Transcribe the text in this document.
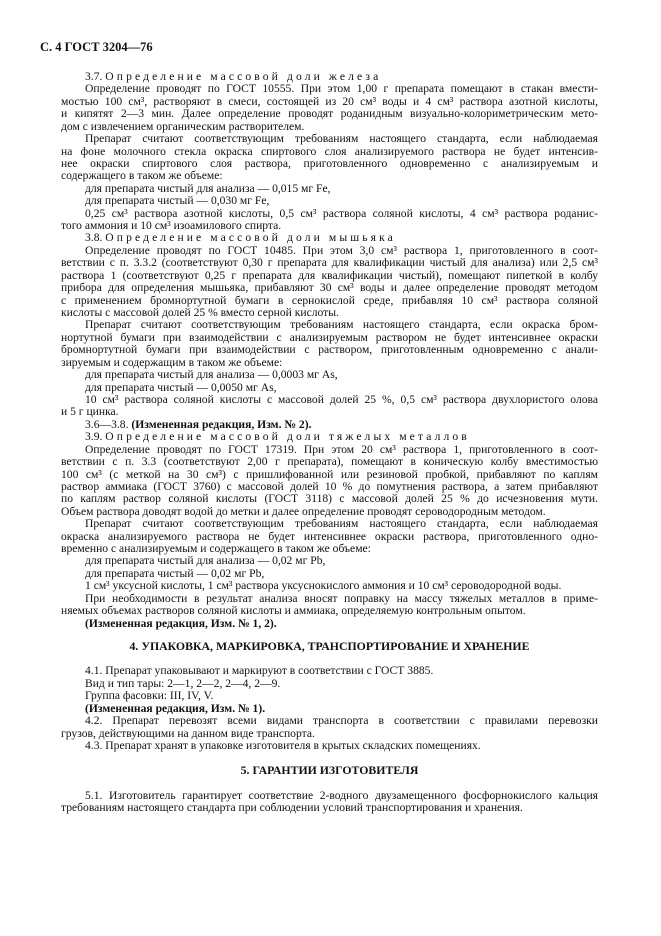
С. 4 ГОСТ 3204—76
3.7. Определение массовой доли железа
Определение проводят по ГОСТ 10555. При этом 1,00 г препарата помещают в стакан вмести-
мостью 100 см³, растворяют в смеси, состоящей из 20 см³ воды и 4 см³ раствора азотной кислоты,
и кипятят 2—3 мин. Далее определение проводят роданидным визуально-колориметрическим мето-
дом с извлечением органическим растворителем.
Препарат считают соответствующим требованиям настоящего стандарта, если наблюдаемая
на фоне молочного стекла окраска спиртового слоя анализируемого раствора не будет интенсив-
нее окраски спиртового слоя раствора, приготовленного одновременно с анализируемым и
содержащего в таком же объеме:
для препарата чистый для анализа — 0,015 мг Fe,
для препарата чистый — 0,030 мг Fe,
0,25 см³ раствора азотной кислоты, 0,5 см³ раствора соляной кислоты, 4 см³ раствора роданис-
того аммония и 10 см³ изоамилового спирта.
3.8. Определение массовой доли мышьяка
Определение проводят по ГОСТ 10485. При этом 3,0 см³ раствора 1, приготовленного в соот-
ветствии с п. 3.3.2 (соответствуют 0,30 г препарата для квалификации чистый для анализа) или 2,5 см³
раствора 1 (соответствуют 0,25 г препарата для квалификации чистый), помещают пипеткой в колбу
прибора для определения мышьяка, прибавляют 30 см³ воды и далее определение проводят методом
с применением бромнортутной бумаги в сернокислой среде, прибавляя 10 см³ раствора соляной
кислоты с массовой долей 25 % вместо серной кислоты.
Препарат считают соответствующим требованиям настоящего стандарта, если окраска бром-
нортутной бумаги при взаимодействии с анализируемым раствором не будет интенсивнее окраски
бромнортутной бумаги при взаимодействии с раствором, приготовленным одновременно с анали-
зируемым и содержащим в таком же объеме:
для препарата чистый для анализа — 0,0003 мг As,
для препарата чистый — 0,0050 мг As,
10 см³ раствора соляной кислоты с массовой долей 25 %, 0,5 см³ раствора двухлористого олова
и 5 г цинка.
3.6—3.8. (Измененная редакция, Изм. № 2).
3.9. Определение массовой доли тяжелых металлов
Определение проводят по ГОСТ 17319. При этом 20 см³ раствора 1, приготовленного в соот-
ветствии с п. 3.3 (соответствуют 2,00 г препарата), помещают в коническую колбу вместимостью
100 см³ (с меткой на 30 см³) с пришлифованной или резиновой пробкой, прибавляют по каплям
раствор аммиака (ГОСТ 3760) с массовой долей 10 % до помутнения раствора, а затем прибавляют
по каплям раствор соляной кислоты (ГОСТ 3118) с массовой долей 25 % до исчезновения мути.
Объем раствора доводят водой до метки и далее определение проводят сероводородным методом.
Препарат считают соответствующим требованиям настоящего стандарта, если наблюдаемая
окраска анализируемого раствора не будет интенсивнее окраски раствора, приготовленного одно-
временно с анализируемым и содержащего в таком же объеме:
для препарата чистый для анализа — 0,02 мг Pb,
для препарата чистый — 0,02 мг Pb,
1 см³ уксусной кислоты, 1 см³ раствора уксуснокислого аммония и 10 см³ сероводородной воды.
При необходимости в результат анализа вносят поправку на массу тяжелых металлов в приме-
няемых объемах растворов соляной кислоты и аммиака, определяемую контрольным опытом.
(Измененная редакция, Изм. № 1, 2).
4. УПАКОВКА, МАРКИРОВКА, ТРАНСПОРТИРОВАНИЕ И ХРАНЕНИЕ
4.1. Препарат упаковывают и маркируют в соответствии с ГОСТ 3885.
Вид и тип тары: 2—1, 2—2, 2—4, 2—9.
Группа фасовки: III, IV, V.
(Измененная редакция, Изм. № 1).
4.2. Препарат перевозят всеми видами транспорта в соответствии с правилами перевозки
грузов, действующими на данном виде транспорта.
4.3. Препарат хранят в упаковке изготовителя в крытых складских помещениях.
5. ГАРАНТИИ ИЗГОТОВИТЕЛЯ
5.1. Изготовитель гарантирует соответствие 2-водного двузамещенного фосфорнокислого кальция
требованиям настоящего стандарта при соблюдении условий транспортирования и хранения.
